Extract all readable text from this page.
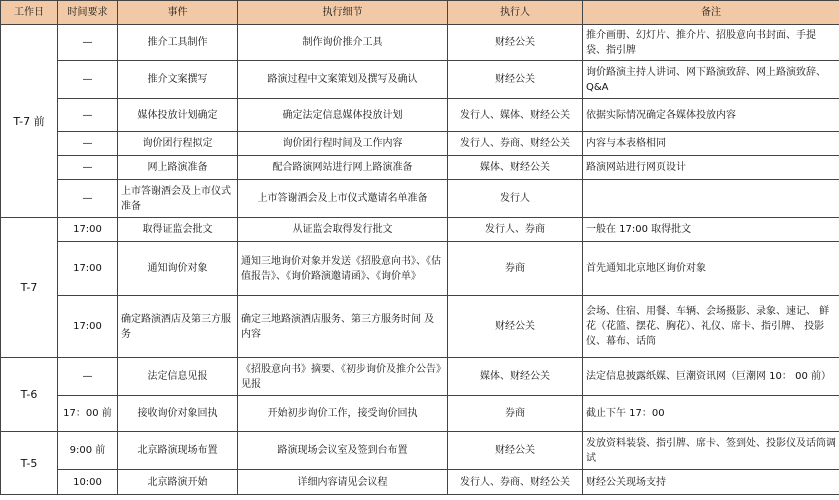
工作日	时间要求	事件	执行细节	执行人	备注
T-7 前	—	推介工具制作	制作询价推介工具	财经公关	推介画册、幻灯片、推介片、招股意向书封面、手提 袋、指引牌
	—	推介文案撰写	路演过程中文案策划及撰写及确认	财经公关	询价路演主持人讲词、网下路演致辞、网上路演致辞、Q&A
	—	媒体投放计划确定	确定法定信息媒体投放计划	发行人、媒体、财经公关	依据实际情况确定各媒体投放内容
	—	询价团行程拟定	询价团行程时间及工作内容	发行人、券商、财经公关	内容与本表格相同
	—	网上路演准备	配合路演网站进行网上路演准备	媒体、财经公关	路演网站进行网页设计
	—	上市答谢酒会及上市仪式准备	上市答谢酒会及上市仪式邀请名单准备	发行人	
T-7	17:00	取得证监会批文	从证监会取得发行批文	发行人、券商	一般在 17:00 取得批文
	17:00	通知询价对象	通知三地询价对象并发送《招股意向书》、《估值报告》、《询价路演邀请函》、《询价单》	券商	首先通知北京地区询价对象
	17:00	确定路演酒店及第三方服务	确定三地路演酒店服务、第三方服务时间 及内容	财经公关	会场、住宿、用餐、车辆、会场摄影、录象、速记、 鲜花（花篮、摆花、胸花）、礼仪、席卡、指引牌、 投影仪、幕布、话筒
T-6	—	法定信息见报	《招股意向书》摘要、《初步询价及推介公告》见报	媒体、财经公关	法定信息披露纸媒、巨潮资讯网（巨潮网 10： 00 前）
	17：00 前	接收询价对象回执	开始初步询价工作，接受询价回执	券商	截止下午 17：00
T-5	9:00 前	北京路演现场布置	路演现场会议室及签到台布置	财经公关	发放资料装袋、指引牌、席卡、签到处、投影仪及话筒调试
	10:00	北京路演开始	详细内容请见会议程	发行人、券商、财经公关	财经公关现场支持
